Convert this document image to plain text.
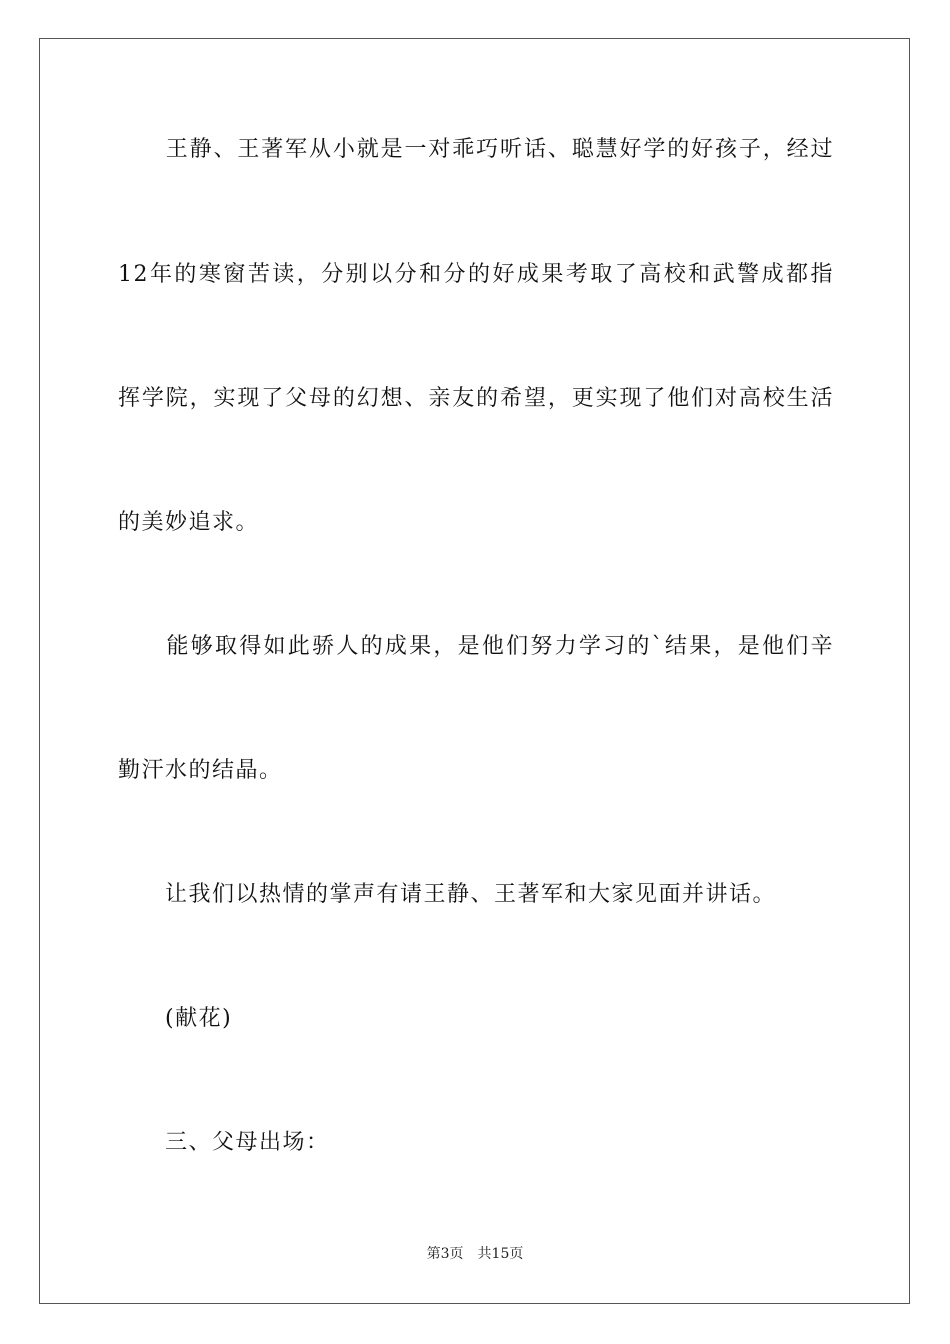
　　王静、王著军从小就是一对乖巧听话、聪慧好学的好孩子，经过
12年的寒窗苦读，分别以分和分的好成果考取了高校和武警成都指
挥学院，实现了父母的幻想、亲友的希望，更实现了他们对高校生活
的美妙追求。
　　能够取得如此骄人的成果，是他们努力学习的`结果，是他们辛
勤汗水的结晶。
　　让我们以热情的掌声有请王静、王著军和大家见面并讲话。
　　(献花)
　　三、父母出场：
第3页 共15页
